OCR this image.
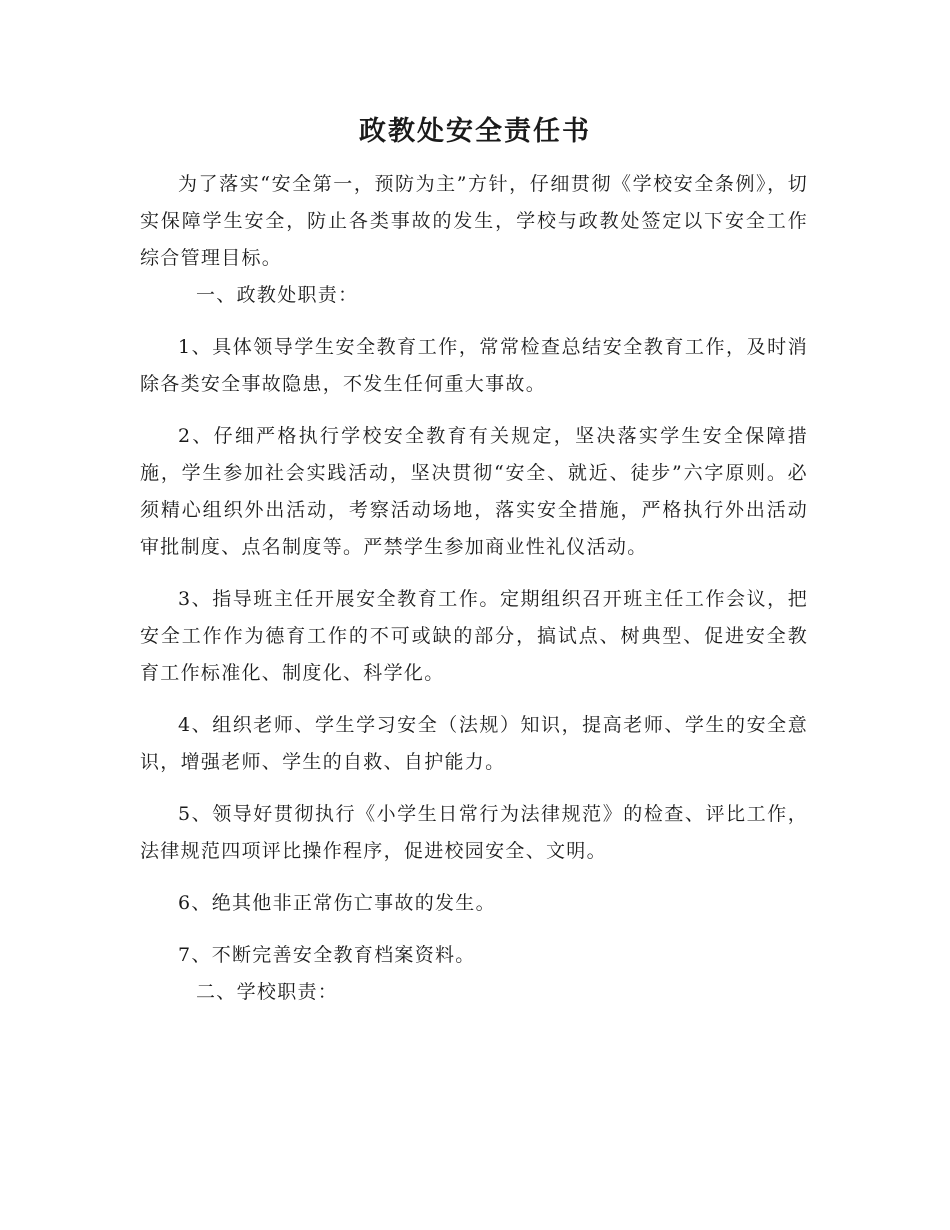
政教处安全责任书

为了落实“安全第一，预防为主”方针，仔细贯彻《学校安全条例》，切实保障学生安全，防止各类事故的发生，学校与政教处签定以下安全工作综合管理目标。

一、政教处职责：

1、具体领导学生安全教育工作，常常检查总结安全教育工作，及时消除各类安全事故隐患，不发生任何重大事故。

2、仔细严格执行学校安全教育有关规定，坚决落实学生安全保障措施，学生参加社会实践活动，坚决贯彻“安全、就近、徒步”六字原则。必须精心组织外出活动，考察活动场地，落实安全措施，严格执行外出活动审批制度、点名制度等。严禁学生参加商业性礼仪活动。

3、指导班主任开展安全教育工作。定期组织召开班主任工作会议，把安全工作作为德育工作的不可或缺的部分，搞试点、树典型、促进安全教育工作标准化、制度化、科学化。

4、组织老师、学生学习安全（法规）知识，提高老师、学生的安全意识，增强老师、学生的自救、自护能力。

5、领导好贯彻执行《小学生日常行为法律规范》的检查、评比工作，法律规范四项评比操作程序，促进校园安全、文明。

6、绝其他非正常伤亡事故的发生。

7、不断完善安全教育档案资料。

二、学校职责：
